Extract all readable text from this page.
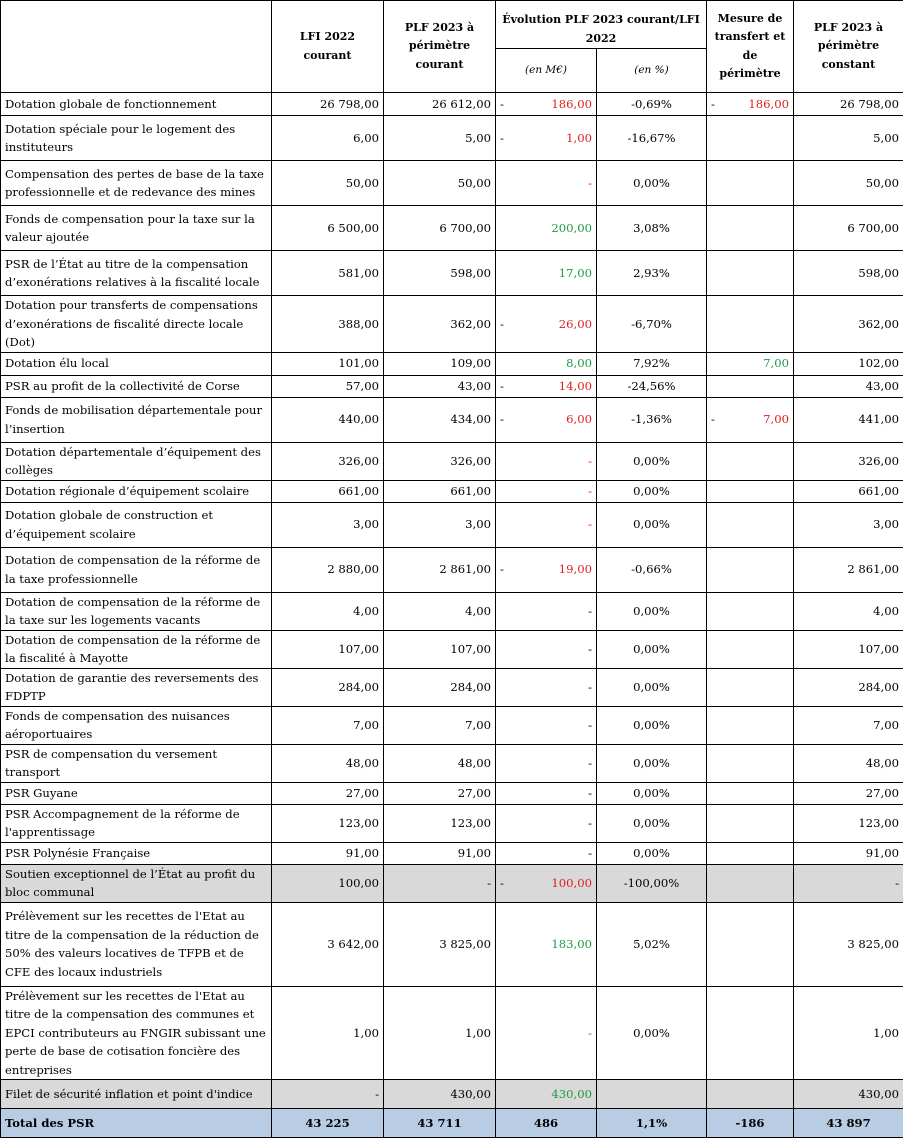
	LFI 2022 courant	PLF 2023 à périmètre courant	Évolution PLF 2023 courant/LFI 2022		Mesure de transfert et de périmètre	PLF 2023 à périmètre constant
			(en M€)	(en %)		
Dotation globale de fonctionnement	26 798,00	26 612,00	- 186,00	-0,69%	- 186,00	26 798,00
Dotation spéciale pour le logement des instituteurs	6,00	5,00	- 1,00	-16,67%		5,00
Compensation des pertes de base de la taxe professionnelle et de redevance des mines	50,00	50,00	-	0,00%		50,00
Fonds de compensation pour la taxe sur la valeur ajoutée	6 500,00	6 700,00	200,00	3,08%		6 700,00
PSR de l’État au titre de la compensation d’exonérations relatives à la fiscalité locale	581,00	598,00	17,00	2,93%		598,00
Dotation pour transferts de compensations d’exonérations de fiscalité directe locale (Dot)	388,00	362,00	- 26,00	-6,70%		362,00
Dotation élu local	101,00	109,00	8,00	7,92%	7,00	102,00
PSR au profit de la collectivité de Corse	57,00	43,00	- 14,00	-24,56%		43,00
Fonds de mobilisation départementale pour l’insertion	440,00	434,00	- 6,00	-1,36%	- 7,00	441,00
Dotation départementale d’équipement des collèges	326,00	326,00	-	0,00%		326,00
Dotation régionale d’équipement scolaire	661,00	661,00	-	0,00%		661,00
Dotation globale de construction et d’équipement scolaire	3,00	3,00	-	0,00%		3,00
Dotation de compensation de la réforme de la taxe professionnelle	2 880,00	2 861,00	- 19,00	-0,66%		2 861,00
Dotation de compensation de la réforme de la taxe sur les logements vacants	4,00	4,00	-	0,00%		4,00
Dotation de compensation de la réforme de la fiscalité à Mayotte	107,00	107,00	-	0,00%		107,00
Dotation de garantie des reversements des FDPTP	284,00	284,00	-	0,00%		284,00
Fonds de compensation des nuisances aéroportuaires	7,00	7,00	-	0,00%		7,00
PSR de compensation du versement transport	48,00	48,00	-	0,00%		48,00
PSR Guyane	27,00	27,00	-	0,00%		27,00
PSR Accompagnement de la réforme de l'apprentissage	123,00	123,00	-	0,00%		123,00
PSR Polynésie Française	91,00	91,00	-	0,00%		91,00
Soutien exceptionnel de l’État au profit du bloc communal	100,00	-	- 100,00	-100,00%		-
Prélèvement sur les recettes de l'Etat au titre de la compensation de la réduction de 50% des valeurs locatives de TFPB et de CFE des locaux industriels	3 642,00	3 825,00	183,00	5,02%		3 825,00
Prélèvement sur les recettes de l'Etat au titre de la compensation des communes et EPCI contributeurs au FNGIR subissant une perte de base de cotisation foncière des entreprises	1,00	1,00	-	0,00%		1,00
Filet de sécurité inflation et point d'indice	-	430,00	430,00			430,00
Total des PSR	43 225	43 711	486	1,1%	-186	43 897
